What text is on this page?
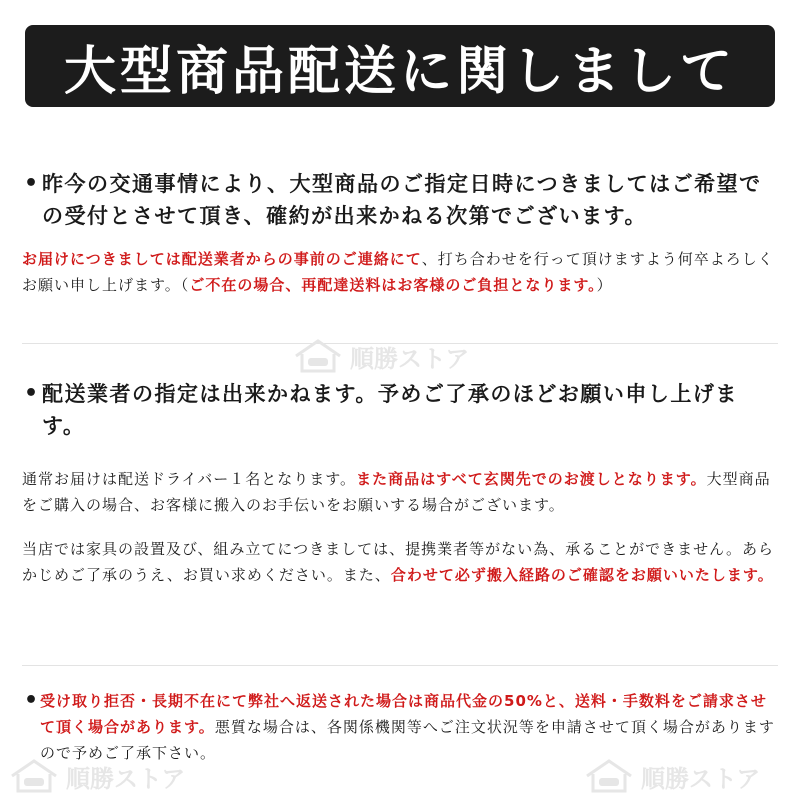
大型商品配送に関しまして
• 昨今の交通事情により、大型商品のご指定日時につきましてはご希望での受付とさせて頂き、確約が出来かねる次第でございます。
お届けにつきましては配送業者からの事前のご連絡にて、打ち合わせを行って頂けますよう何卒よろしくお願い申し上げます。（ご不在の場合、再配達送料はお客様のご負担となります。）
• 配送業者の指定は出来かねます。予めご了承のほどお願い申し上げます。
通常お届けは配送ドライバー１名となります。また商品はすべて玄関先でのお渡しとなります。大型商品をご購入の場合、お客様に搬入のお手伝いをお願いする場合がございます。
当店では家具の設置及び、組み立てにつきましては、提携業者等がない為、承ることができません。あらかじめご了承のうえ、お買い求めください。また、合わせて必ず搬入経路のご確認をお願いいたします。
• 受け取り拒否・長期不在にて弊社へ返送された場合は商品代金の50%と、送料・手数料をご請求させて頂く場合があります。悪質な場合は、各関係機関等へご注文状況等を申請させて頂く場合がありますので予めご了承下さい。
順勝ストア
順勝ストア	順勝ストア
